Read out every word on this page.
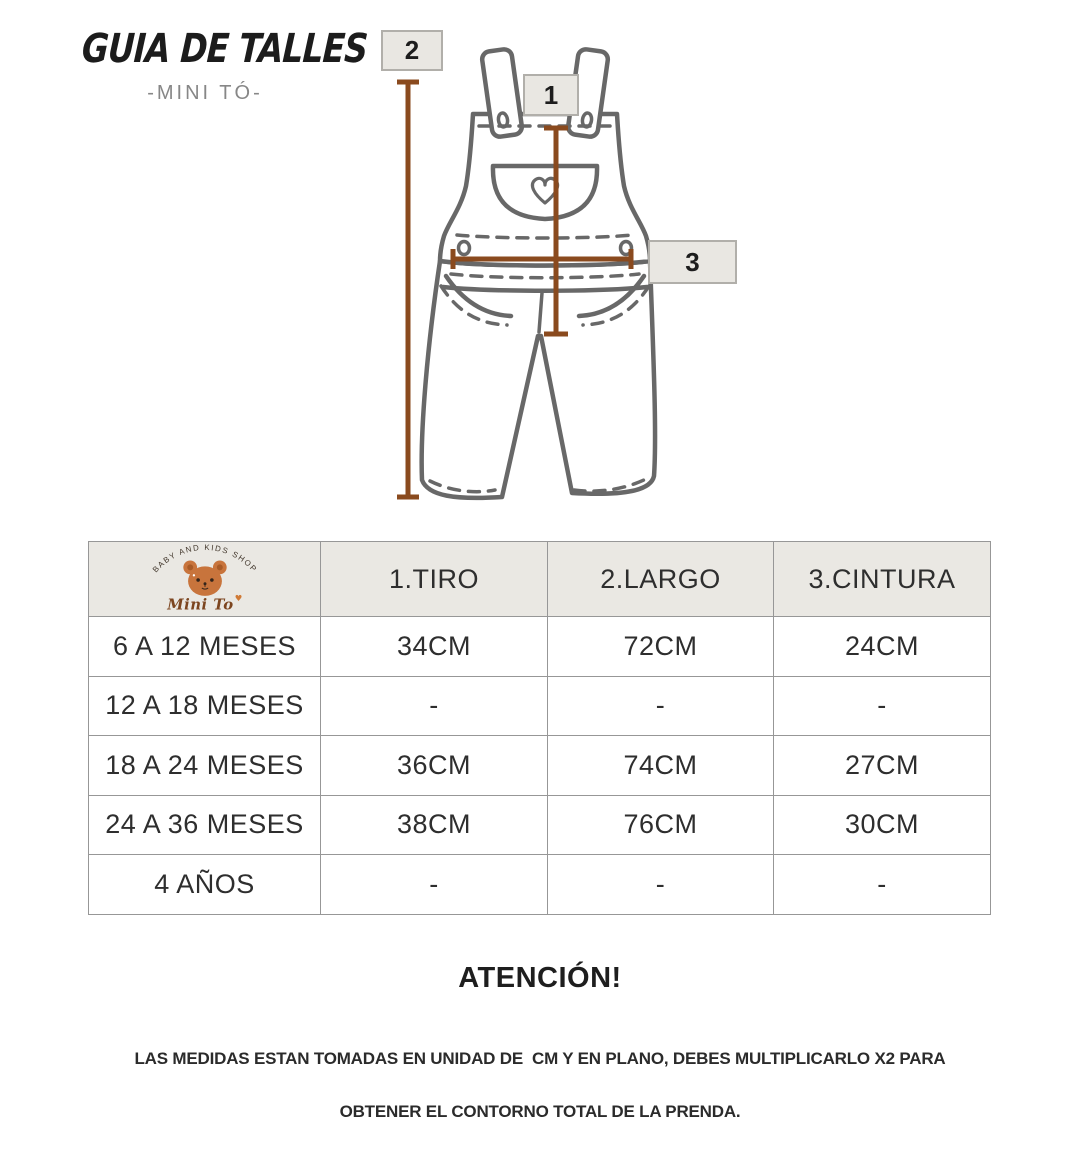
GUIA DE TALLES
-MINI TÓ-
2
1
3
BABY AND KIDS SHOP
Mini To♥	1.TIRO	2.LARGO	3.CINTURA
6 A 12 MESES	34CM	72CM	24CM
12 A 18 MESES	-	-	-
18 A 24 MESES	36CM	74CM	27CM
24 A 36 MESES	38CM	76CM	30CM
4 AÑOS	-	-	-
ATENCIÓN!

LAS MEDIDAS ESTAN TOMADAS EN UNIDAD DE  CM Y EN PLANO, DEBES MULTIPLICARLO X2 PARA

OBTENER EL CONTORNO TOTAL DE LA PRENDA.
